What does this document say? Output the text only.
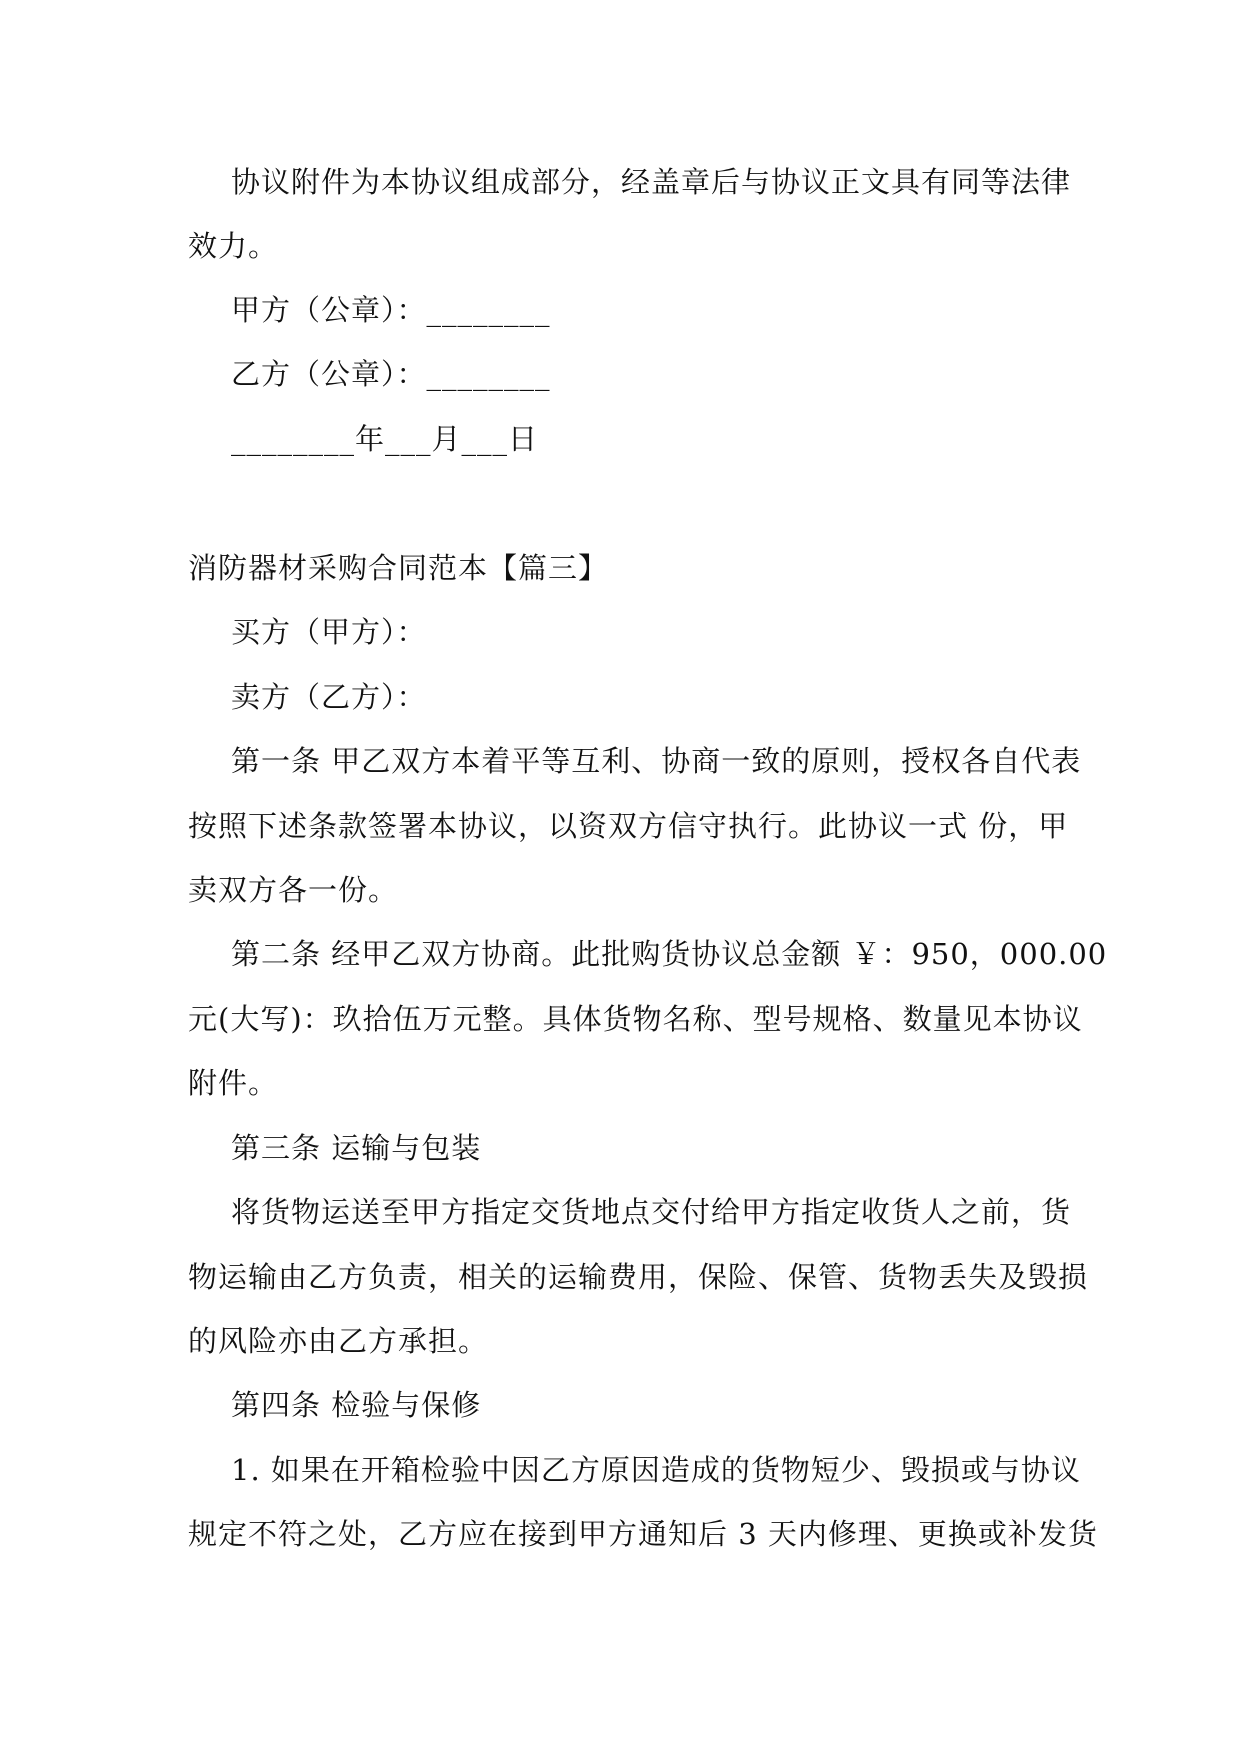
协议附件为本协议组成部分，经盖章后与协议正文具有同等法律
效力。
甲方（公章）：________
乙方（公章）：________
________年___月___日
消防器材采购合同范本【篇三】
买方（甲方）：
卖方（乙方）：
第一条 甲乙双方本着平等互利、协商一致的原则，授权各自代表
按照下述条款签署本协议，以资双方信守执行。此协议一式 份，甲
卖双方各一份。
第二条 经甲乙双方协商。此批购货协议总金额 ￥：950，000.00
元(大写)：玖拾伍万元整。具体货物名称、型号规格、数量见本协议
附件。
第三条 运输与包装
将货物运送至甲方指定交货地点交付给甲方指定收货人之前，货
物运输由乙方负责，相关的运输费用，保险、保管、货物丢失及毁损
的风险亦由乙方承担。
第四条 检验与保修
1. 如果在开箱检验中因乙方原因造成的货物短少、毁损或与协议
规定不符之处，乙方应在接到甲方通知后 3 天内修理、更换或补发货
